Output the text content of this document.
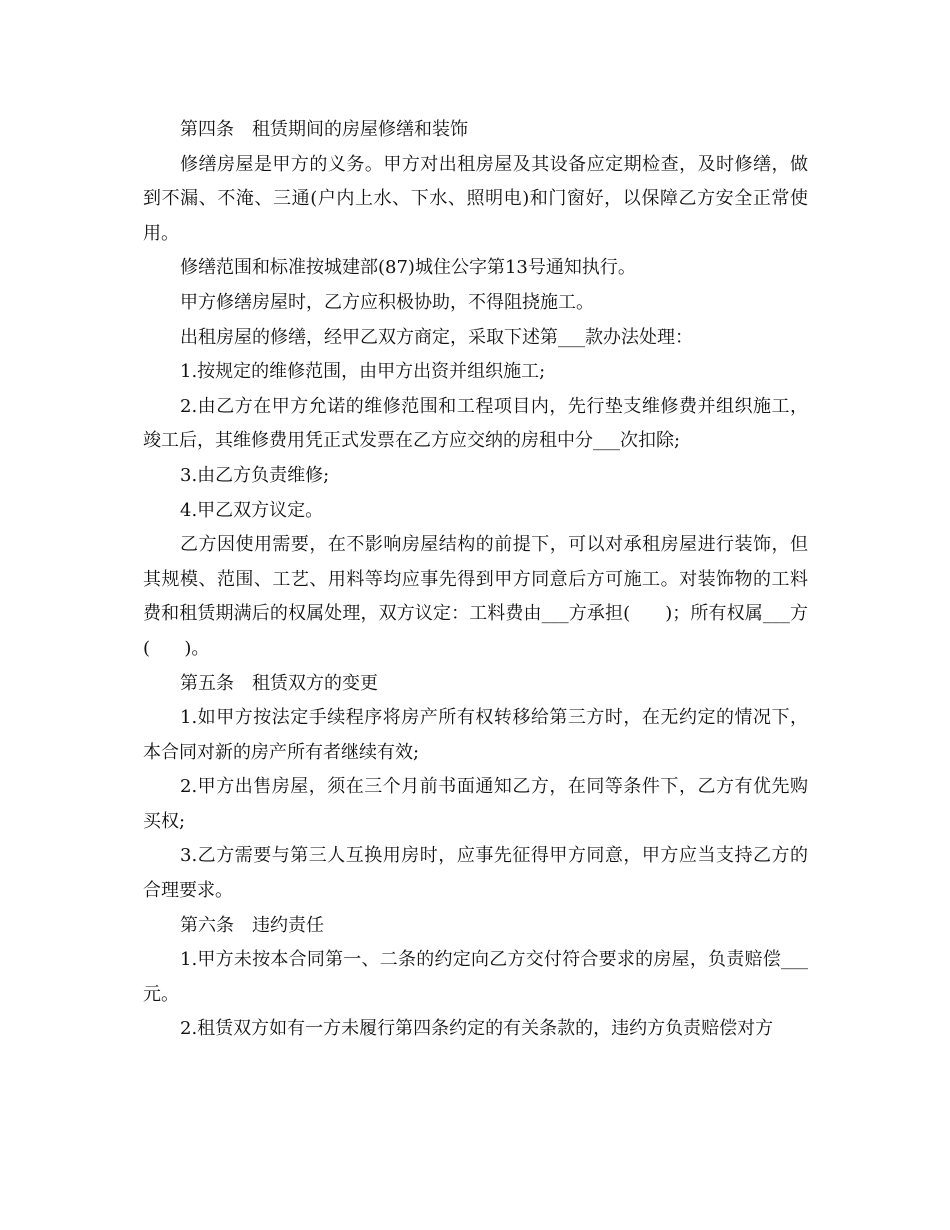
第四条　租赁期间的房屋修缮和装饰

修缮房屋是甲方的义务。甲方对出租房屋及其设备应定期检查，及时修缮，做到不漏、不淹、三通(户内上水、下水、照明电)和门窗好，以保障乙方安全正常使用。

修缮范围和标准按城建部(87)城住公字第13号通知执行。

甲方修缮房屋时，乙方应积极协助，不得阻挠施工。

出租房屋的修缮，经甲乙双方商定，采取下述第___款办法处理：

1.按规定的维修范围，由甲方出资并组织施工;

2.由乙方在甲方允诺的维修范围和工程项目内，先行垫支维修费并组织施工，竣工后，其维修费用凭正式发票在乙方应交纳的房租中分___次扣除;

3.由乙方负责维修;

4.甲乙双方议定。

乙方因使用需要，在不影响房屋结构的前提下，可以对承租房屋进行装饰，但其规模、范围、工艺、用料等均应事先得到甲方同意后方可施工。对装饰物的工料费和租赁期满后的权属处理，双方议定：工料费由___方承担(      )；所有权属___方(      )。

第五条　租赁双方的变更

1.如甲方按法定手续程序将房产所有权转移给第三方时，在无约定的情况下，本合同对新的房产所有者继续有效;

2.甲方出售房屋，须在三个月前书面通知乙方，在同等条件下，乙方有优先购买权;

3.乙方需要与第三人互换用房时，应事先征得甲方同意，甲方应当支持乙方的合理要求。

第六条　违约责任

1.甲方未按本合同第一、二条的约定向乙方交付符合要求的房屋，负责赔偿___元。

2.租赁双方如有一方未履行第四条约定的有关条款的，违约方负责赔偿对方
